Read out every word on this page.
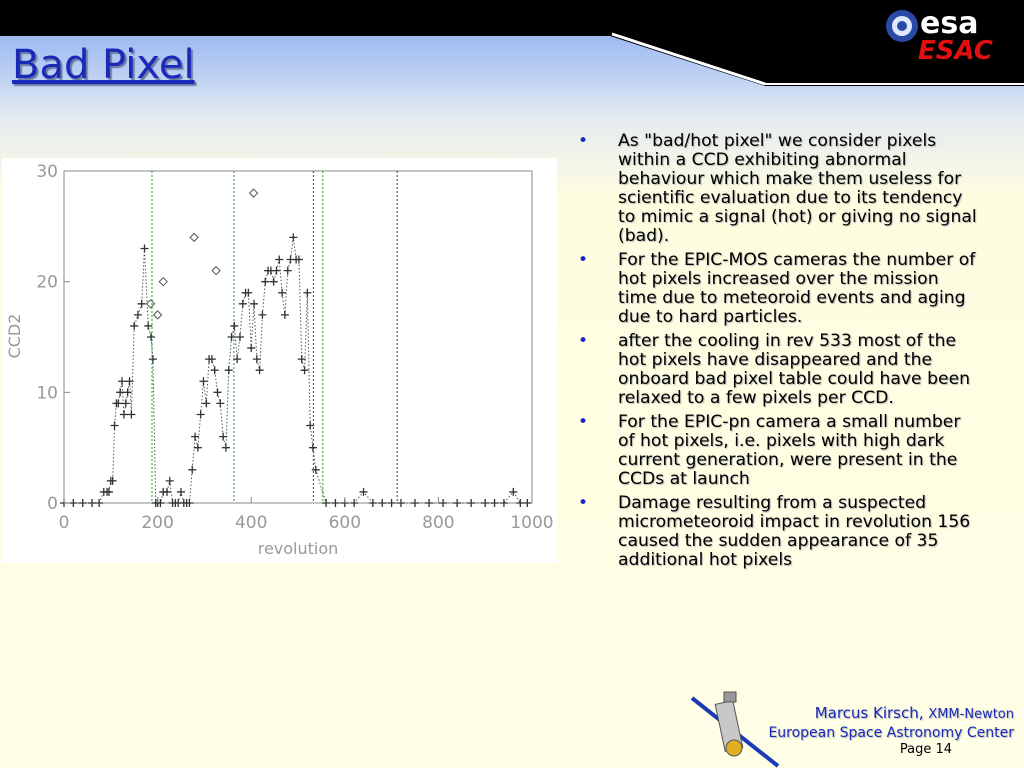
Bad Pixel
esa
ESAC
0	200	400	600	800	1000
0
10
20
30
revolution
CCD2
• As "bad/hot pixel" we consider pixels within a CCD exhibiting abnormal behaviour which make them useless for scientific evaluation due to its tendency to mimic a signal (hot) or giving no signal (bad).
• For the EPIC-MOS cameras the number of hot pixels increased over the mission time due to meteoroid events and aging due to hard particles.
• after the cooling in rev 533 most of the hot pixels have disappeared and the onboard bad pixel table could have been relaxed to a few pixels per CCD.
• For the EPIC-pn camera a small number of hot pixels, i.e. pixels with high dark current generation, were present in the CCDs at launch
• Damage resulting from a suspected micrometeoroid impact in revolution 156 caused the sudden appearance of 35 additional hot pixels
Marcus Kirsch, XMM-Newton
European Space Astronomy Center
Page 14
